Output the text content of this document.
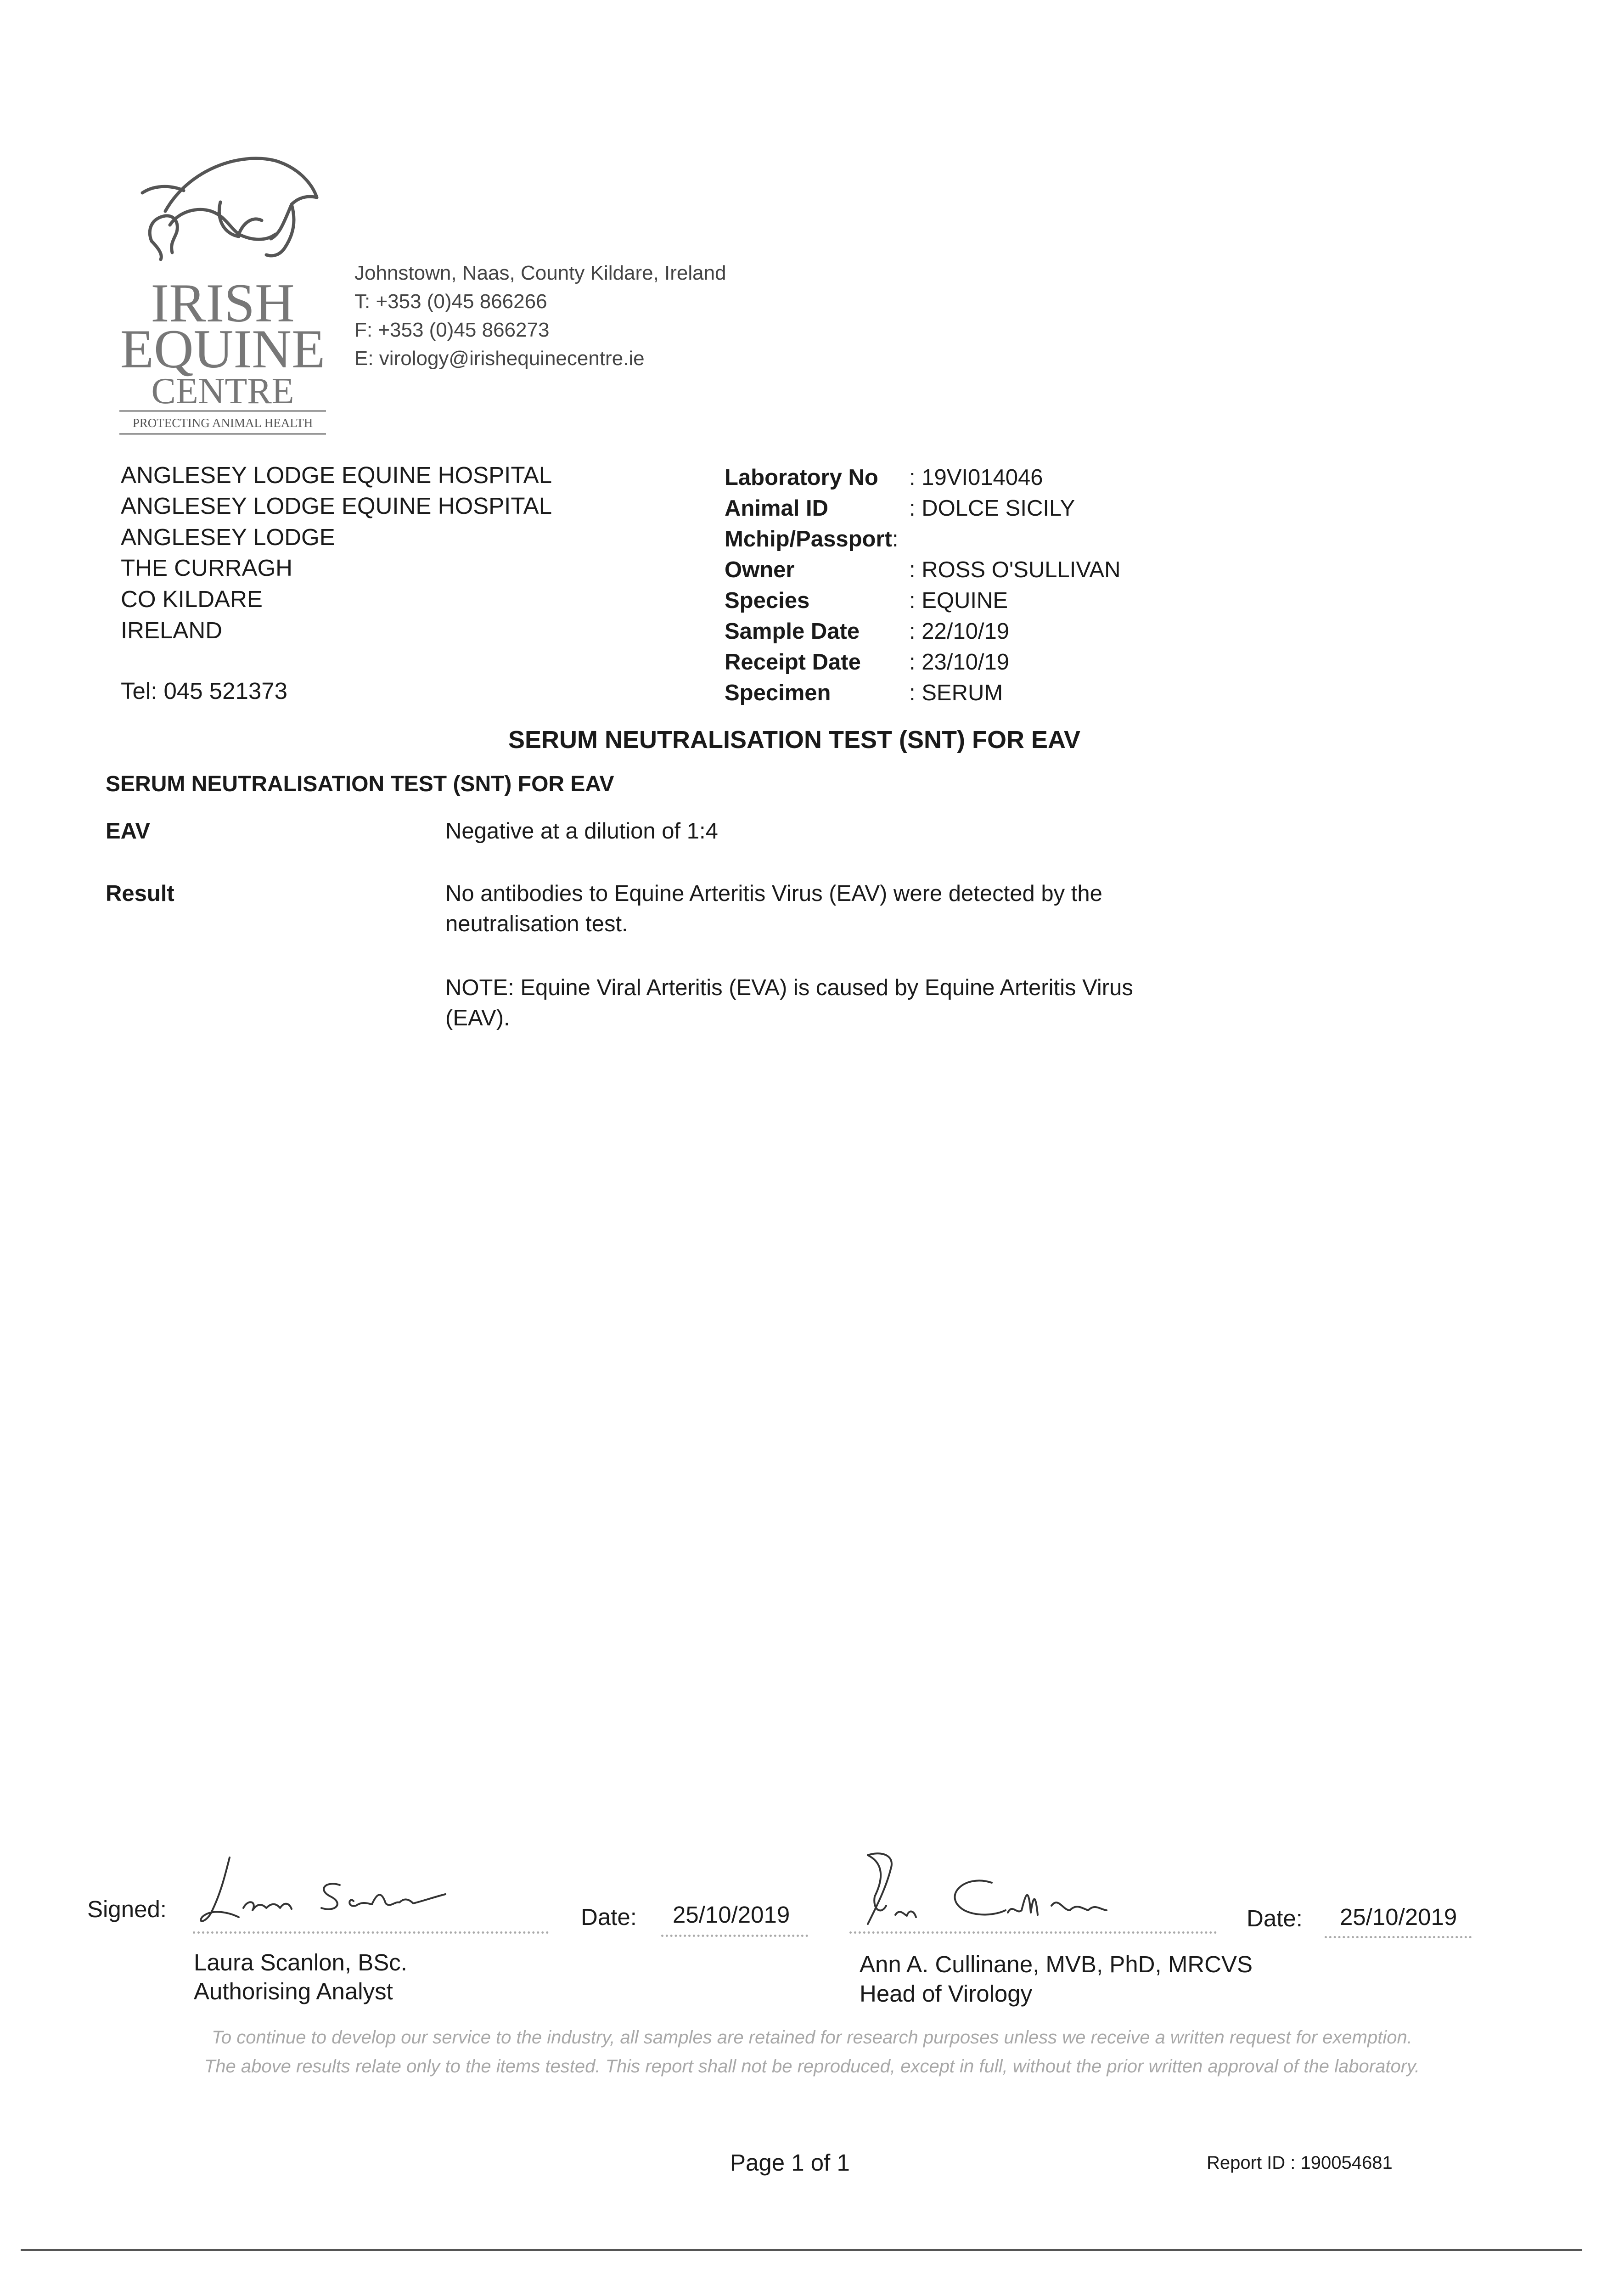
IRISH
EQUINE
CENTRE
PROTECTING ANIMAL HEALTH
Johnstown, Naas, County Kildare, Ireland
T: +353 (0)45 866266
F: +353 (0)45 866273
E: virology@irishequinecentre.ie
ANGLESEY LODGE EQUINE HOSPITAL
ANGLESEY LODGE EQUINE HOSPITAL
ANGLESEY LODGE
THE CURRAGH
CO KILDARE
IRELAND
Tel: 045 521373
Laboratory No : 19VI014046
Animal ID	: DOLCE SICILY
Mchip/Passport :
Owner	: ROSS O'SULLIVAN
Species	: EQUINE
Sample Date : 22/10/19
Receipt Date : 23/10/19
Specimen	: SERUM
SERUM NEUTRALISATION TEST (SNT) FOR EAV
SERUM NEUTRALISATION TEST (SNT) FOR EAV
EAV	Negative at a dilution of 1:4
Result	No antibodies to Equine Arteritis Virus (EAV) were detected by the neutralisation test.
NOTE: Equine Viral Arteritis (EVA) is caused by Equine Arteritis Virus (EAV).
Signed:	Date: 25/10/2019
Laura Scanlon, BSc.
Authorising Analyst
Date: 25/10/2019
Ann A. Cullinane, MVB, PhD, MRCVS
Head of Virology
To continue to develop our service to the industry, all samples are retained for research purposes unless we receive a written request for exemption.
The above results relate only to the items tested. This report shall not be reproduced, except in full, without the prior written approval of the laboratory.
Page 1 of 1	Report ID : 190054681
